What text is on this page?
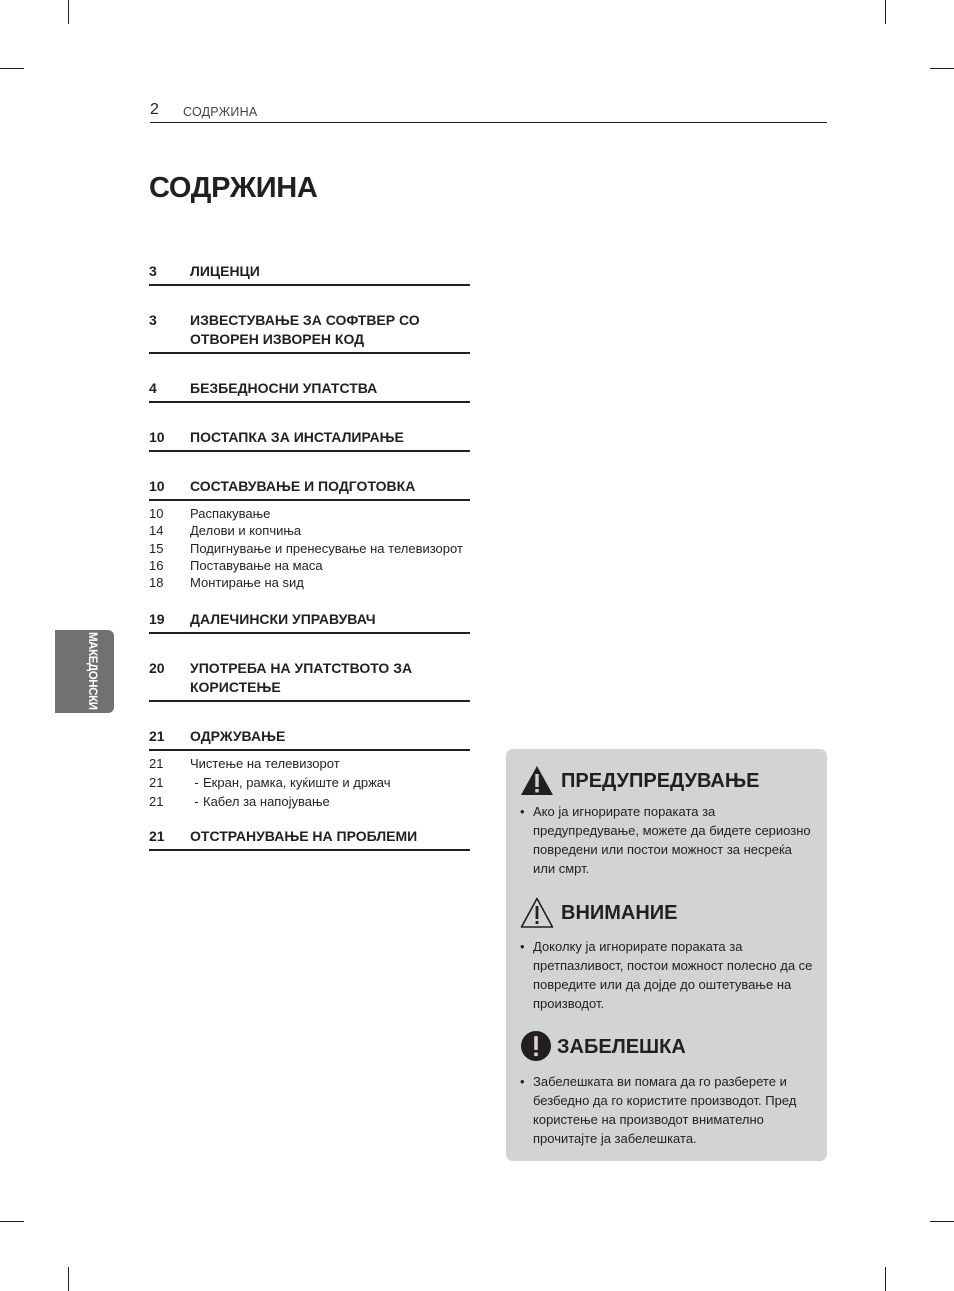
2 СОДРЖИНА
СОДРЖИНА
3	ЛИЦЕНЦИ
3	ИЗВЕСТУВАЊЕ ЗА СОФТВЕР СО ОТВОРЕН ИЗВОРЕН КОД
4	БЕЗБЕДНОСНИ УПАТСТВА
10	ПОСТАПКА ЗА ИНСТАЛИРАЊЕ
10	СОСТАВУВАЊЕ И ПОДГОТОВКА
10	Распакување
14	Делови и копчиња
15	Подигнување и пренесување на телевизорот
16	Поставување на маса
18	Монтирање на sид
19	ДАЛЕЧИНСКИ УПРАВУВАЧ
20	УПОТРЕБА НА УПАТСТВОТО ЗА КОРИСТЕЊЕ
21	ОДРЖУВАЊЕ
21	Чистење на телевизорот
21	- Екран, рамка, куќиште и држач
21	- Кабел за напојување
21	ОТСТРАНУВАЊЕ НА ПРОБЛЕМИ
МАКЕДОНСКИ
ПРЕДУПРЕДУВАЊЕ
• Ако ја игнорирате пораката за предупредување, можете да бидете сериозно повредени или постои можност за несреќа или смрт.
ВНИМАНИЕ
• Доколку ја игнорирате пораката за претпазливост, постои можност полесно да се повредите или да дојде до оштетување на производот.
ЗАБЕЛЕШКА
• Забелешката ви помага да го разберете и безбедно да го користите производот. Пред користење на производот внимателно прочитајте ја забелешката.
